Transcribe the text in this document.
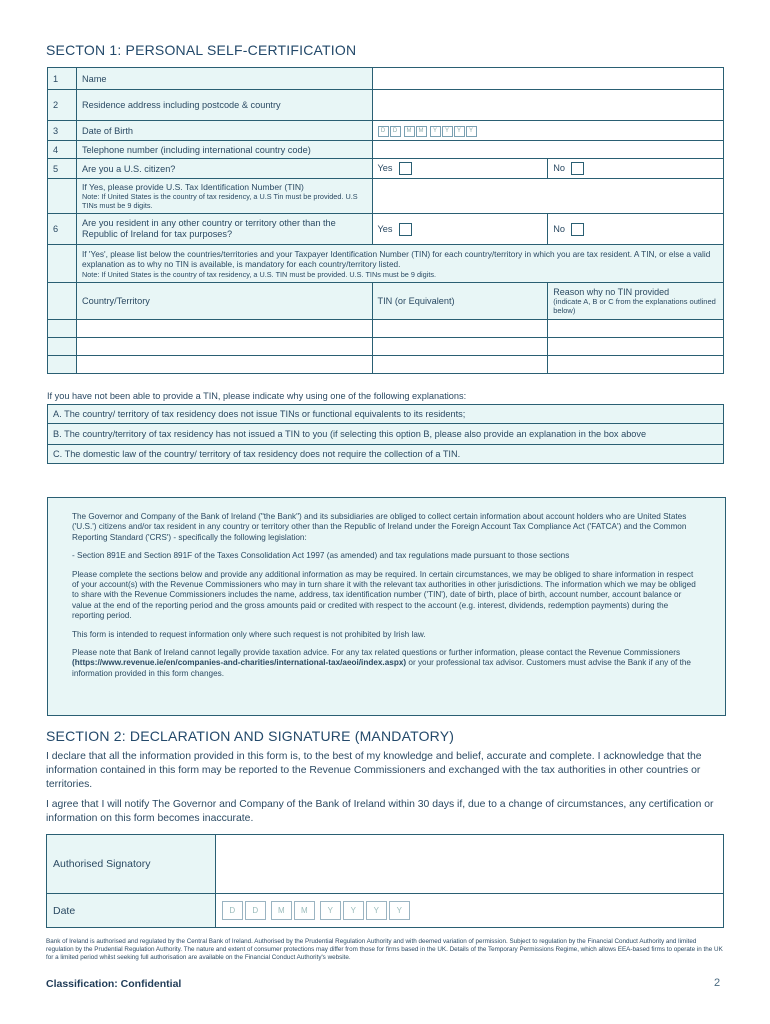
SECTON 1: PERSONAL SELF-CERTIFICATION
1	Name		
2	Residence address including postcode & country		
3	Date of Birth	D D M M Y Y Y Y	
4	Telephone number (including international country code)		
5	Are you a U.S. citizen?	Yes	No

	If Yes, please provide U.S. Tax Identification Number (TIN)
Note: If United States is the country of tax residency, a U.S Tin must be provided. U.S TINs must be 9 digits.		

6	Are you resident in any other country or territory other than the Republic of Ireland for tax purposes?	Yes	No

	If 'Yes', please list below the countries/territories and your Taxpayer Identification Number (TIN) for each country/territory in which you are tax resident. A TIN, or else a valid explanation as to why no TIN is available, is mandatory for each country/territory listed.
Note: If United States is the country of tax residency, a U.S. TIN must be provided. U.S. TINs must be 9 digits.		

	Country/Territory	TIN (or Equivalent)	Reason why no TIN provided
(indicate A, B or C from the explanations outlined below)

If you have not been able to provide a TIN, please indicate why using one of the following explanations:
A. The country/ territory of tax residency does not issue TINs or functional equivalents to its residents;
B. The country/territory of tax residency has not issued a TIN to you (if selecting this option B, please also provide an explanation in the box above
C. The domestic law of the country/ territory of tax residency does not require the collection of a TIN.

The Governor and Company of the Bank of Ireland ("the Bank") and its subsidiaries are obliged to collect certain information about account holders who are United States ('U.S.') citizens and/or tax resident in any country or territory other than the Republic of Ireland under the Foreign Account Tax Compliance Act ('FATCA') and the Common Reporting Standard ('CRS') - specifically the following legislation:

- Section 891E and Section 891F of the Taxes Consolidation Act 1997 (as amended) and tax regulations made pursuant to those sections

Please complete the sections below and provide any additional information as may be required. In certain circumstances, we may be obliged to share information in respect of your account(s) with the Revenue Commissioners who may in turn share it with the relevant tax authorities in other jurisdictions. The information which we may be obliged to share with the Revenue Commissioners includes the name, address, tax identification number ('TIN'), date of birth, place of birth, account number, account balance or value at the end of the reporting period and the gross amounts paid or credited with respect to the account (e.g. interest, dividends, redemption payments) during the reporting period.

This form is intended to request information only where such request is not prohibited by Irish law.

Please note that Bank of Ireland cannot legally provide taxation advice. For any tax related questions or further information, please contact the Revenue Commissioners (https://www.revenue.ie/en/companies-and-charities/international-tax/aeoi/index.aspx) or your professional tax advisor. Customers must advise the Bank if any of the information provided in this form changes.

SECTION 2: DECLARATION AND SIGNATURE (MANDATORY)
I declare that all the information provided in this form is, to the best of my knowledge and belief, accurate and complete. I acknowledge that the information contained in this form may be reported to the Revenue Commissioners and exchanged with the tax authorities in other countries or territories.
I agree that I will notify The Governor and Company of the Bank of Ireland within 30 days if, due to a change of circumstances, any certification or information on this form becomes inaccurate.
Authorised Signatory	
Date	D D M M Y Y Y Y
Bank of Ireland is authorised and regulated by the Central Bank of Ireland. Authorised by the Prudential Regulation Authority and with deemed variation of permission. Subject to regulation by the Financial Conduct Authority and limited regulation by the Prudential Regulation Authority. The nature and extent of consumer protections may differ from those for firms based in the UK. Details of the Temporary Permissions Regime, which allows EEA-based firms to operate in the UK for a limited period whilst seeking full authorisation are available on the Financial Conduct Authority's website.
Classification: Confidential	2
